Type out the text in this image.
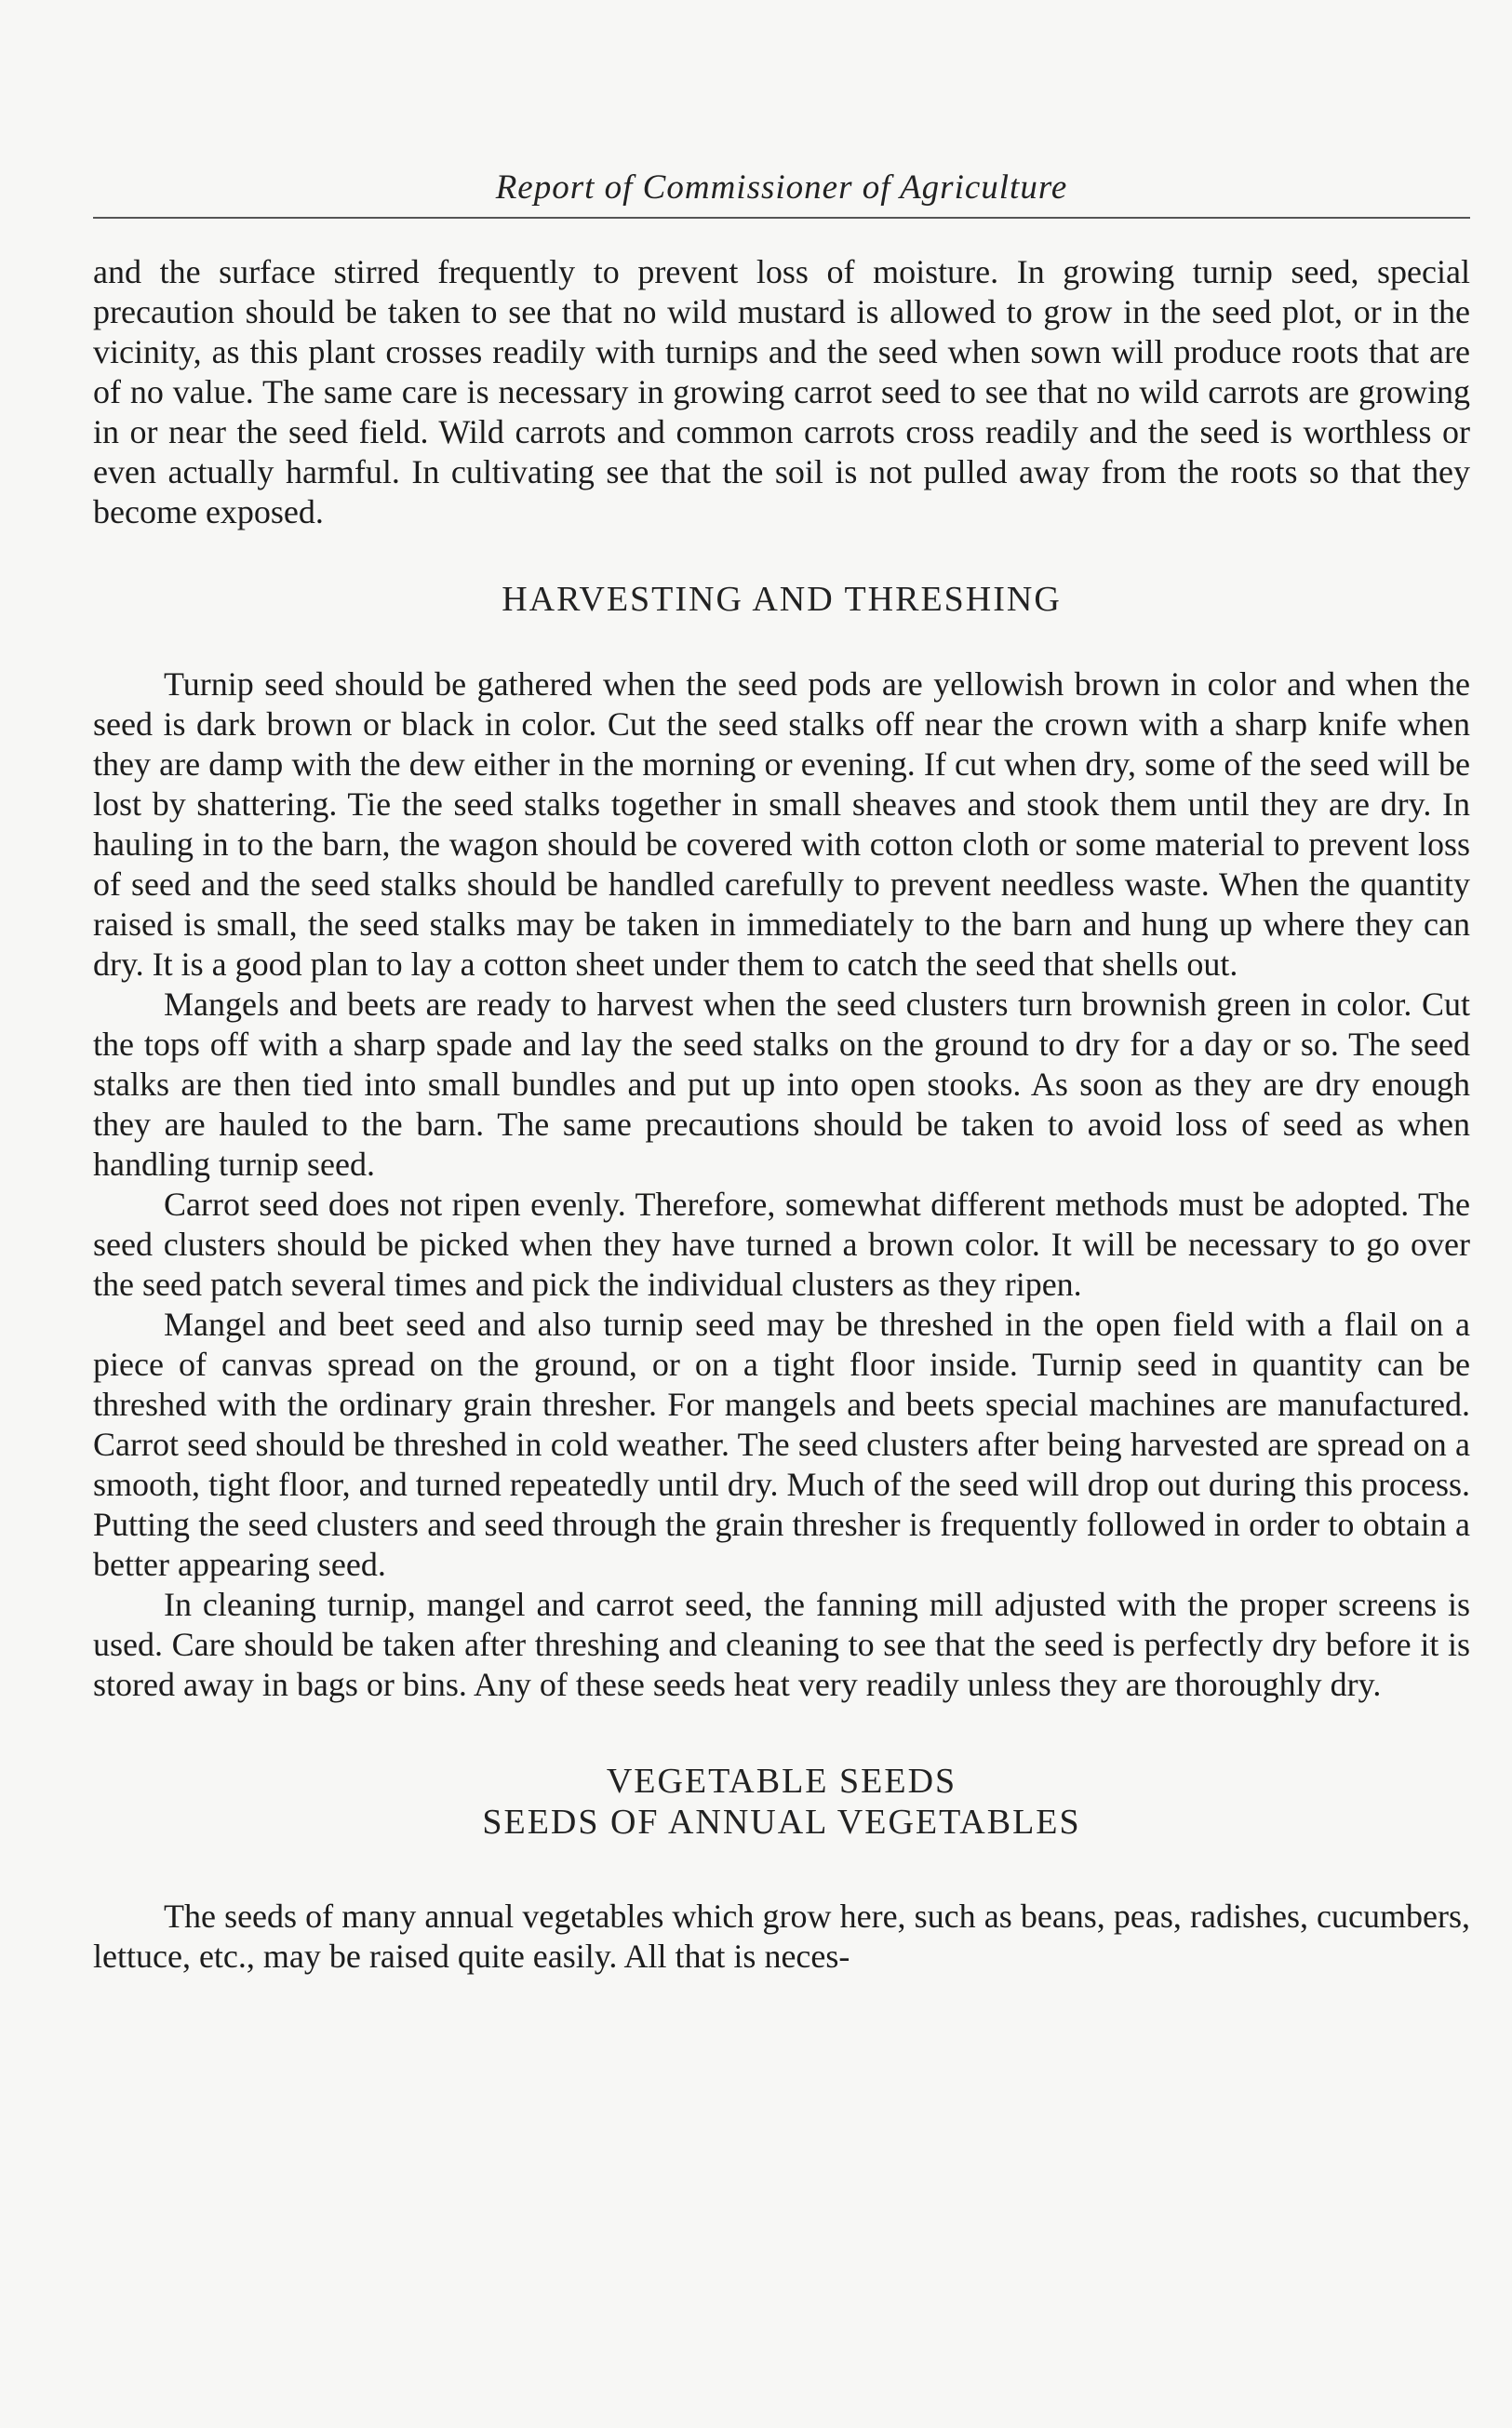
Report of Commissioner of Agriculture

and the surface stirred frequently to prevent loss of moisture. In growing turnip seed, special precaution should be taken to see that no wild mustard is allowed to grow in the seed plot, or in the vicinity, as this plant crosses readily with turnips and the seed when sown will produce roots that are of no value. The same care is necessary in growing carrot seed to see that no wild carrots are growing in or near the seed field. Wild carrots and common carrots cross readily and the seed is worthless or even actually harmful. In cultivating see that the soil is not pulled away from the roots so that they become exposed.

HARVESTING AND THRESHING

Turnip seed should be gathered when the seed pods are yellowish brown in color and when the seed is dark brown or black in color. Cut the seed stalks off near the crown with a sharp knife when they are damp with the dew either in the morning or evening. If cut when dry, some of the seed will be lost by shattering. Tie the seed stalks together in small sheaves and stook them until they are dry. In hauling in to the barn, the wagon should be covered with cotton cloth or some material to prevent loss of seed and the seed stalks should be handled carefully to prevent needless waste. When the quantity raised is small, the seed stalks may be taken in immediately to the barn and hung up where they can dry. It is a good plan to lay a cotton sheet under them to catch the seed that shells out.

Mangels and beets are ready to harvest when the seed clusters turn brownish green in color. Cut the tops off with a sharp spade and lay the seed stalks on the ground to dry for a day or so. The seed stalks are then tied into small bundles and put up into open stooks. As soon as they are dry enough they are hauled to the barn. The same precautions should be taken to avoid loss of seed as when handling turnip seed.

Carrot seed does not ripen evenly. Therefore, somewhat different methods must be adopted. The seed clusters should be picked when they have turned a brown color. It will be necessary to go over the seed patch several times and pick the individual clusters as they ripen.

Mangel and beet seed and also turnip seed may be threshed in the open field with a flail on a piece of canvas spread on the ground, or on a tight floor inside. Turnip seed in quantity can be threshed with the ordinary grain thresher. For mangels and beets special machines are manufactured. Carrot seed should be threshed in cold weather. The seed clusters after being harvested are spread on a smooth, tight floor, and turned repeatedly until dry. Much of the seed will drop out during this process. Putting the seed clusters and seed through the grain thresher is frequently followed in order to obtain a better appearing seed.

In cleaning turnip, mangel and carrot seed, the fanning mill adjusted with the proper screens is used. Care should be taken after threshing and cleaning to see that the seed is perfectly dry before it is stored away in bags or bins. Any of these seeds heat very readily unless they are thoroughly dry.

VEGETABLE SEEDS
SEEDS OF ANNUAL VEGETABLES

The seeds of many annual vegetables which grow here, such as beans, peas, radishes, cucumbers, lettuce, etc., may be raised quite easily. All that is neces-
